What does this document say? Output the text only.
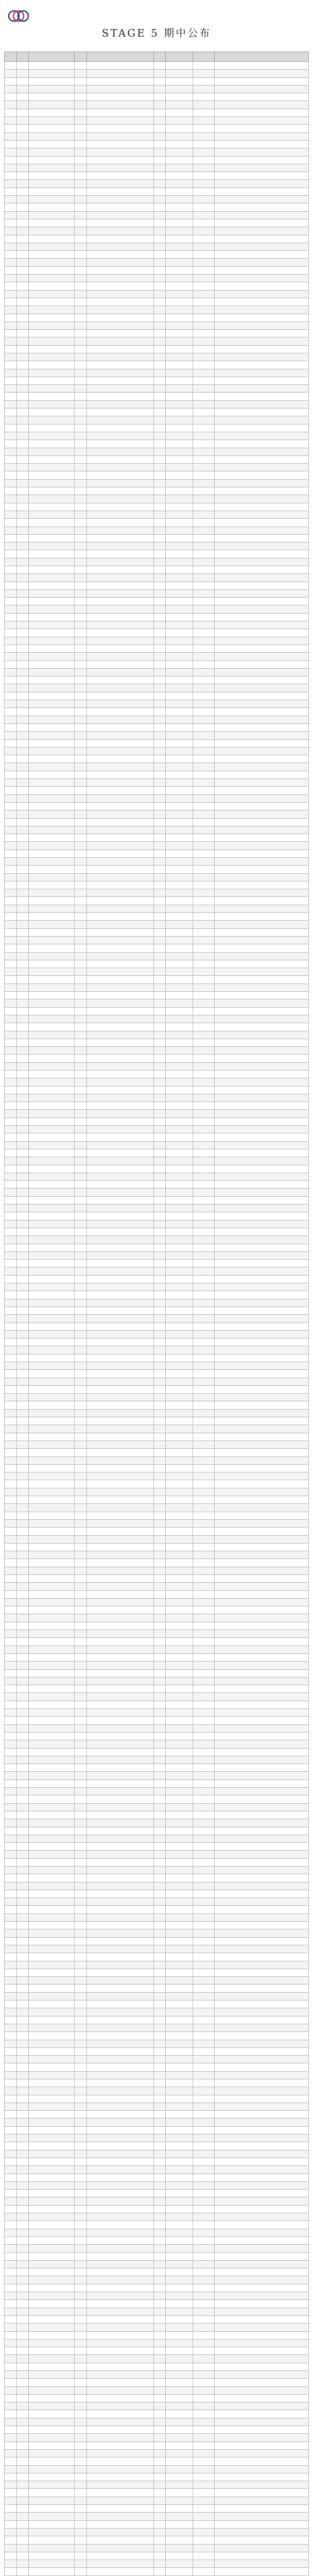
STAGE 5 期中公布
